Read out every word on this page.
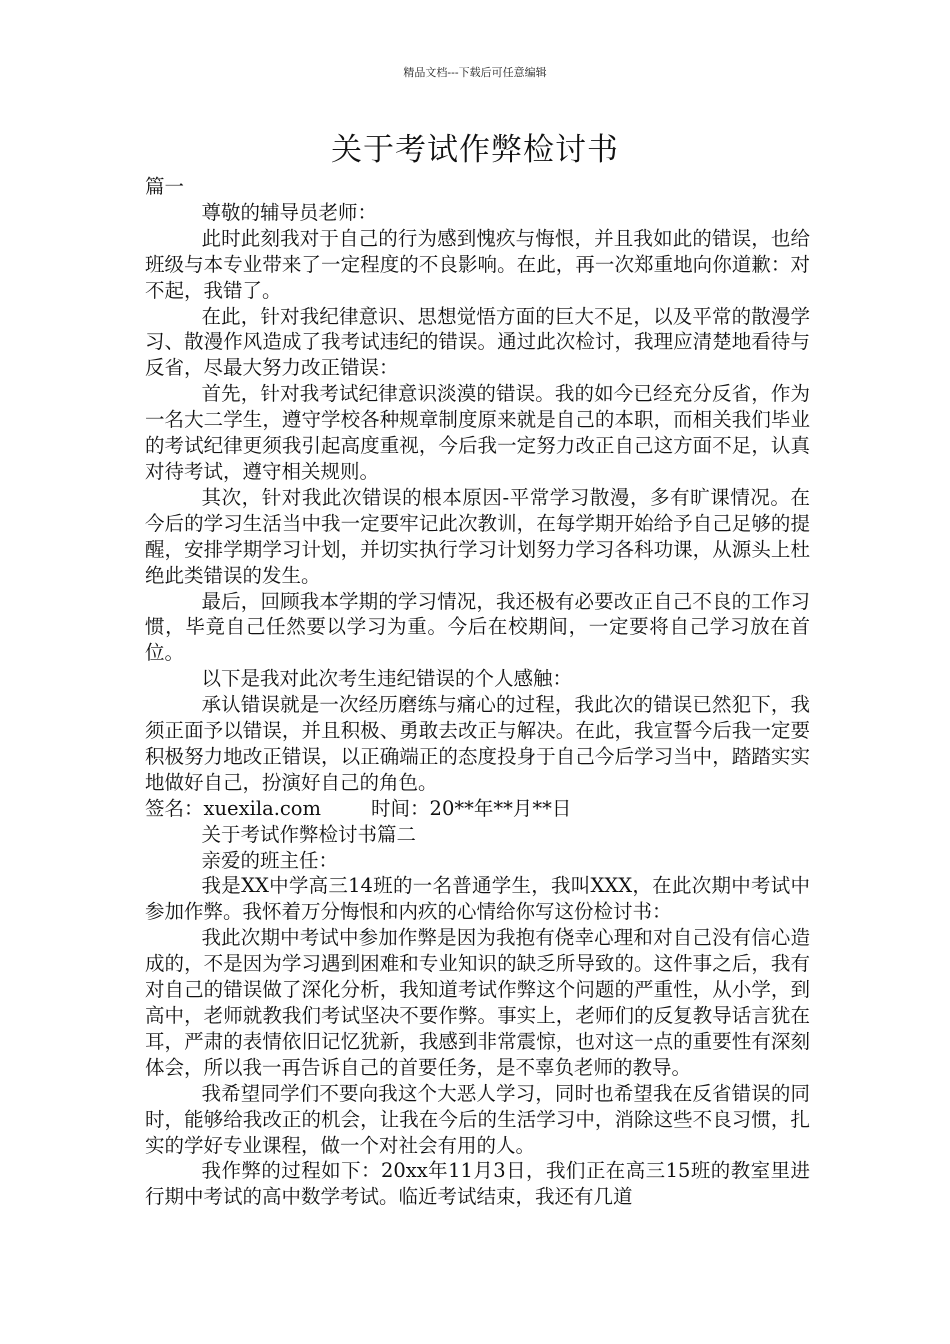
精品文档---下载后可任意编辑
关于考试作弊检讨书

篇一

尊敬的辅导员老师：

此时此刻我对于自己的行为感到愧疚与悔恨，并且我如此的错误，也给班级与本专业带来了一定程度的不良影响。在此，再一次郑重地向你道歉：对不起，我错了。

在此，针对我纪律意识、思想觉悟方面的巨大不足，以及平常的散漫学习、散漫作风造成了我考试违纪的错误。通过此次检讨，我理应清楚地看待与反省，尽最大努力改正错误：

首先，针对我考试纪律意识淡漠的错误。我的如今已经充分反省，作为一名大二学生，遵守学校各种规章制度原来就是自己的本职，而相关我们毕业的考试纪律更须我引起高度重视，今后我一定努力改正自己这方面不足，认真对待考试，遵守相关规则。

其次，针对我此次错误的根本原因-平常学习散漫，多有旷课情况。在今后的学习生活当中我一定要牢记此次教训，在每学期开始给予自己足够的提醒，安排学期学习计划，并切实执行学习计划努力学习各科功课，从源头上杜绝此类错误的发生。

最后，回顾我本学期的学习情况，我还极有必要改正自己不良的工作习惯，毕竟自己任然要以学习为重。今后在校期间，一定要将自己学习放在首位。

以下是我对此次考生违纪错误的个人感触：

承认错误就是一次经历磨练与痛心的过程，我此次的错误已然犯下，我须正面予以错误，并且积极、勇敢去改正与解决。在此，我宣誓今后我一定要积极努力地改正错误，以正确端正的态度投身于自己今后学习当中，踏踏实实地做好自己，扮演好自己的角色。

签名：xuexila.com	时间：20**年**月**日

关于考试作弊检讨书篇二

亲爱的班主任：

我是XX中学高三14班的一名普通学生，我叫XXX，在此次期中考试中参加作弊。我怀着万分悔恨和内疚的心情给你写这份检讨书：

我此次期中考试中参加作弊是因为我抱有侥幸心理和对自己没有信心造成的，不是因为学习遇到困难和专业知识的缺乏所导致的。这件事之后，我有对自己的错误做了深化分析，我知道考试作弊这个问题的严重性，从小学，到高中，老师就教我们考试坚决不要作弊。事实上，老师们的反复教导话言犹在耳，严肃的表情依旧记忆犹新，我感到非常震惊，也对这一点的重要性有深刻体会，所以我一再告诉自己的首要任务，是不辜负老师的教导。

我希望同学们不要向我这个大恶人学习，同时也希望我在反省错误的同时，能够给我改正的机会，让我在今后的生活学习中，消除这些不良习惯，扎实的学好专业课程，做一个对社会有用的人。

我作弊的过程如下：20xx年11月3日，我们正在高三15班的教室里进行期中考试的高中数学考试。临近考试结束，我还有几道
